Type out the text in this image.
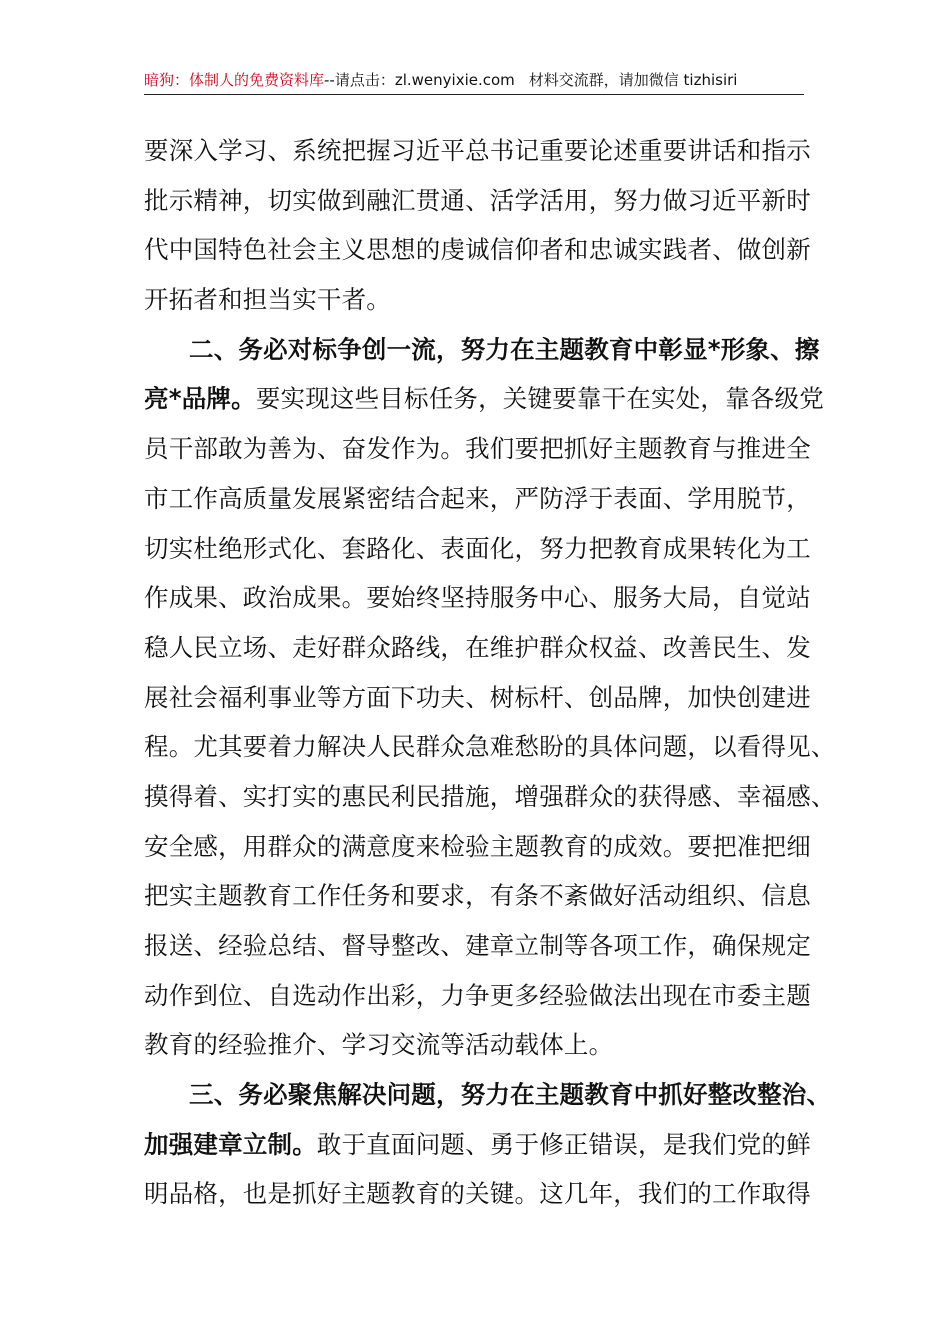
暗狗：体制人的免费资料库--请点击：zl.wenyixie.com 材料交流群，请加微信 tizhisiri
要深入学习、系统把握习近平总书记重要论述重要讲话和指示
批示精神，切实做到融汇贯通、活学活用，努力做习近平新时
代中国特色社会主义思想的虔诚信仰者和忠诚实践者、做创新
开拓者和担当实干者。
二、务必对标争创一流，努力在主题教育中彰显*形象、擦
亮*品牌。要实现这些目标任务，关键要靠干在实处，靠各级党
员干部敢为善为、奋发作为。我们要把抓好主题教育与推进全
市工作高质量发展紧密结合起来，严防浮于表面、学用脱节，
切实杜绝形式化、套路化、表面化，努力把教育成果转化为工
作成果、政治成果。要始终坚持服务中心、服务大局，自觉站
稳人民立场、走好群众路线，在维护群众权益、改善民生、发
展社会福利事业等方面下功夫、树标杆、创品牌，加快创建进
程。尤其要着力解决人民群众急难愁盼的具体问题，以看得见、
摸得着、实打实的惠民利民措施，增强群众的获得感、幸福感、
安全感，用群众的满意度来检验主题教育的成效。要把准把细
把实主题教育工作任务和要求，有条不紊做好活动组织、信息
报送、经验总结、督导整改、建章立制等各项工作，确保规定
动作到位、自选动作出彩，力争更多经验做法出现在市委主题
教育的经验推介、学习交流等活动载体上。
三、务必聚焦解决问题，努力在主题教育中抓好整改整治、
加强建章立制。敢于直面问题、勇于修正错误，是我们党的鲜
明品格，也是抓好主题教育的关键。这几年，我们的工作取得
